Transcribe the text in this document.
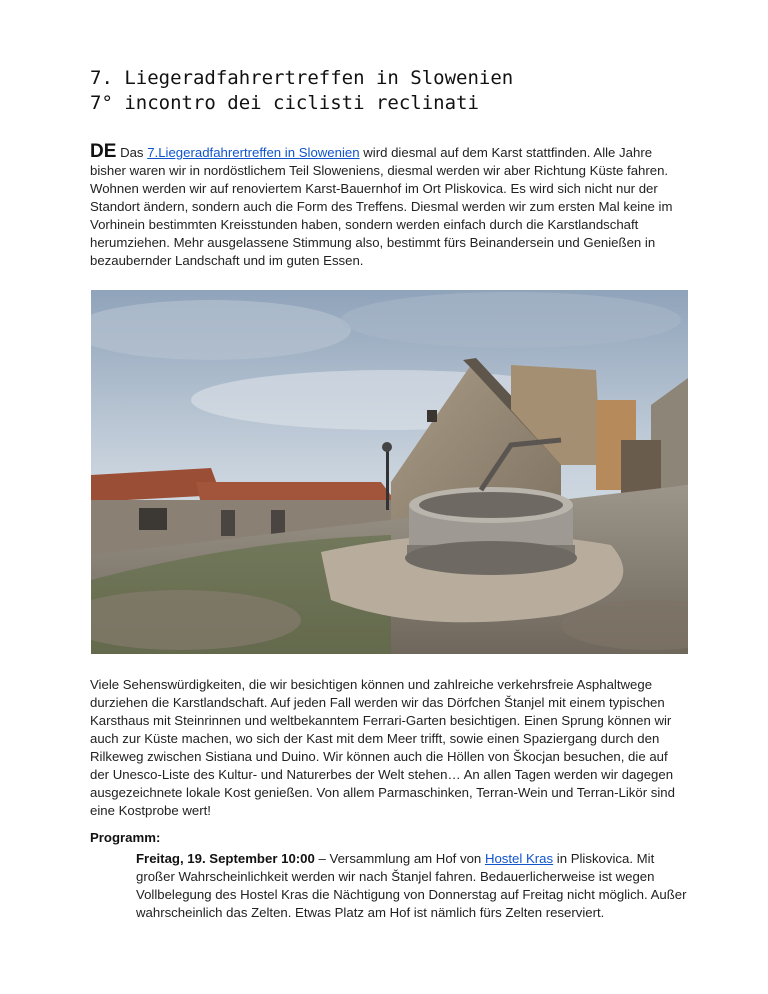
7. Liegeradfahrertreffen in Slowenien
7° incontro dei ciclisti reclinati
DE Das 7.Liegeradfahrertreffen in Slowenien wird diesmal auf dem Karst stattfinden. Alle Jahre bisher waren wir in nordöstlichem Teil Sloweniens, diesmal werden wir aber Richtung Küste fahren. Wohnen werden wir auf renoviertem Karst-Bauernhof im Ort Pliskovica. Es wird sich nicht nur der Standort ändern, sondern auch die Form des Treffens. Diesmal werden wir zum ersten Mal keine im Vorhinein bestimmten Kreisstunden haben, sondern werden einfach durch die Karstlandschaft herumziehen. Mehr ausgelassene Stimmung also, bestimmt fürs Beinandersein und Genießen in bezaubernder Landschaft und im guten Essen.
Viele Sehenswürdigkeiten, die wir besichtigen können und zahlreiche verkehrsfreie Asphaltwege durziehen die Karstlandschaft. Auf jeden Fall werden wir das Dörfchen Štanjel mit einem typischen Karsthaus mit Steinrinnen und weltbekanntem Ferrari-Garten besichtigen. Einen Sprung können wir auch zur Küste machen, wo sich der Kast mit dem Meer trifft, sowie einen Spaziergang durch den Rilkeweg zwischen Sistiana und Duino. Wir können auch die Höllen von Škocjan besuchen, die auf der Unesco-Liste des Kultur- und Naturerbes der Welt stehen… An allen Tagen werden wir dagegen ausgezeichnete lokale Kost genießen. Von allem Parmaschinken, Terran-Wein und Terran-Likör sind eine Kostprobe wert!
Programm:
Freitag, 19. September 10:00 – Versammlung am Hof von Hostel Kras in Pliskovica. Mit großer Wahrscheinlichkeit werden wir nach Štanjel fahren. Bedauerlicherweise ist wegen Vollbelegung des Hostel Kras die Nächtigung von Donnerstag auf Freitag nicht möglich. Außer wahrscheinlich das Zelten. Etwas Platz am Hof ist nämlich fürs Zelten reserviert.
